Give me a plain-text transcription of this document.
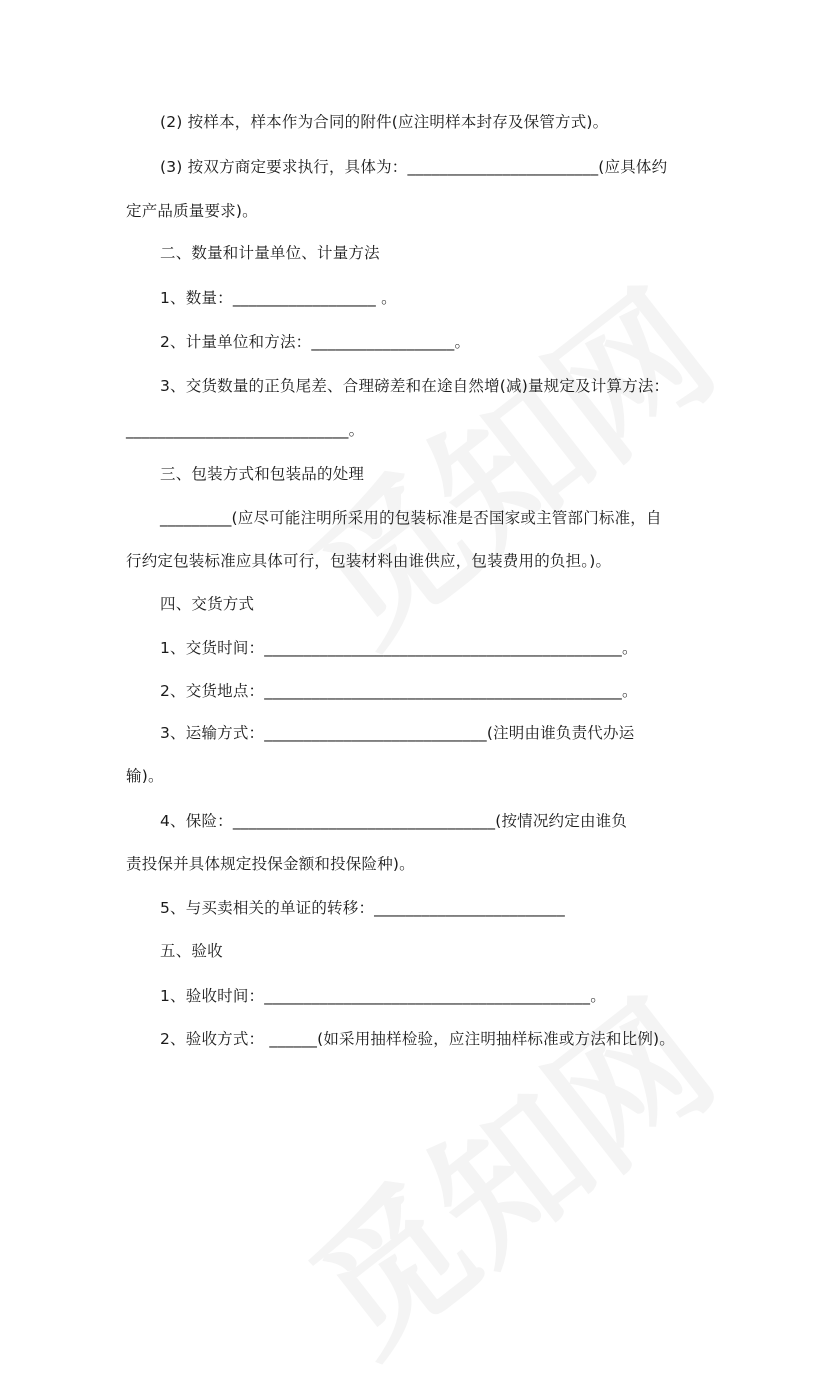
(2) 按样本，样本作为合同的附件(应注明样本封存及保管方式)。
(3) 按双方商定要求执行，具体为：________________________(应具体约
定产品质量要求)。
二、数量和计量单位、计量方法
1、数量：__________________ 。
2、计量单位和方法：__________________。
3、交货数量的正负尾差、合理磅差和在途自然增(减)量规定及计算方法：
____________________________。
三、包装方式和包装品的处理
_________(应尽可能注明所采用的包装标准是否国家或主管部门标准，自
行约定包装标准应具体可行，包装材料由谁供应，包装费用的负担。)。
四、交货方式
1、交货时间：_____________________________________________。
2、交货地点：_____________________________________________。
3、运输方式：____________________________(注明由谁负责代办运
输)。
4、保险：_________________________________(按情况约定由谁负
责投保并具体规定投保金额和投保险种)。
5、与买卖相关的单证的转移：________________________
五、验收
1、验收时间：_________________________________________。
2、验收方式： ______(如采用抽样检验，应注明抽样标准或方法和比例)。
